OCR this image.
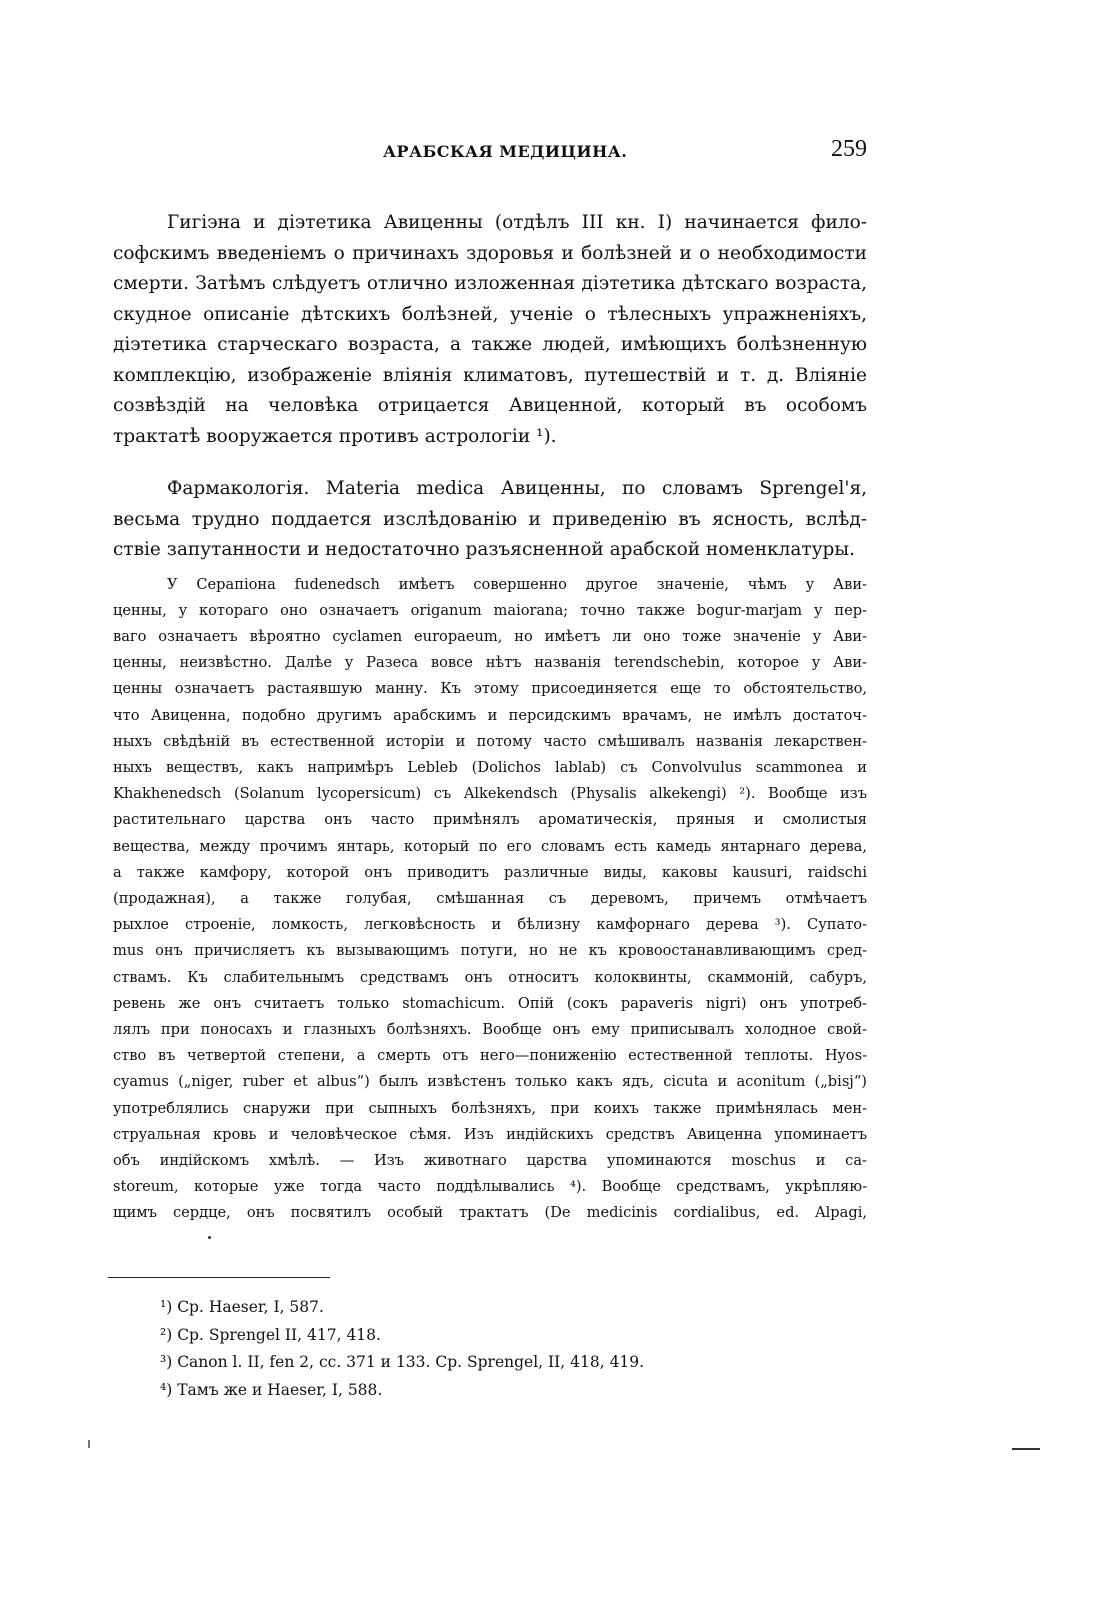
АРАБСКАЯ МЕДИЦИНА.	259

Гигіэна и діэтетика Авиценны (отдѣлъ III кн. I) начинается фило-
софскимъ введеніемъ о причинахъ здоровья и болѣзней и о необходимости
смерти. Затѣмъ слѣдуетъ отлично изложенная діэтетика дѣтскаго возраста,
скудное описаніе дѣтскихъ болѣзней, ученіе о тѣлесныхъ упражненіяхъ,
діэтетика старческаго возраста, а также людей, имѣющихъ болѣзненную
комплекцію, изображеніе вліянія климатовъ, путешествій и т. д. Вліяніе
созвѣздій на человѣка отрицается Авиценной, который въ особомъ
трактатѣ вооружается противъ астрологіи ¹).

Фармакологія. Materia medica Авиценны, по словамъ Sprengel'я,
весьма трудно поддается изслѣдованію и приведенію въ ясность, вслѣд-
ствіе запутанности и недостаточно разъясненной арабской номенклатуры.

У Серапіона fudenedsch имѣетъ совершенно другое значеніе, чѣмъ у Ави-
ценны, у котораго оно означаетъ origanum maiorana; точно также bogur-marjam у пер-
ваго означаетъ вѣроятно cyclamen europaeum, но имѣетъ ли оно тоже значеніе у Ави-
ценны, неизвѣстно. Далѣе у Разеса вовсе нѣтъ названія terendschebin, которое у Ави-
ценны означаетъ растаявшую манну. Къ этому присоединяется еще то обстоятельство,
что Авиценна, подобно другимъ арабскимъ и персидскимъ врачамъ, не имѣлъ достаточ-
ныхъ свѣдѣній въ естественной исторіи и потому часто смѣшивалъ названія лекарствен-
ныхъ веществъ, какъ напримѣръ Lebleb (Dolichos lablab) съ Convolvulus scammonea и
Khakhenedsch (Solanum lycopersicum) съ Alkekendsch (Physalis alkekengi) ²). Вообще изъ
растительнаго царства онъ часто примѣнялъ ароматическія, пряныя и смолистыя
вещества, между прочимъ янтарь, который по его словамъ есть камедь янтарнаго дерева,
а также камфору, которой онъ приводитъ различные виды, каковы kausuri, raidschi
(продажная), а также голубая, смѣшанная съ деревомъ, причемъ отмѣчаетъ
рыхлое строеніе, ломкость, легковѣсность и бѣлизну камфорнаго дерева ³). Супато-
mus онъ причисляетъ къ вызывающимъ потуги, но не къ кровоостанавливающимъ сред-
ствамъ. Къ слабительнымъ средствамъ онъ относитъ колоквинты, скаммоній, сабуръ,
ревень же онъ считаетъ только stomachicum. Опій (сокъ papaveris nigri) онъ употреб-
лялъ при поносахъ и глазныхъ болѣзняхъ. Вообще онъ ему приписывалъ холодное свой-
ство въ четвертой степени, а смерть отъ него—пониженію естественной теплоты. Hyos-
cyamus („niger, ruber et albus“) былъ извѣстенъ только какъ ядъ, cicuta и aconitum („bisj“)
употреблялись снаружи при сыпныхъ болѣзняхъ, при коихъ также примѣнялась мен-
струальная кровь и человѣческое сѣмя. Изъ индійскихъ средствъ Авиценна упоминаетъ
объ индійскомъ хмѣлѣ. — Изъ животнаго царства упоминаются moschus и са-
storeum, которые уже тогда часто поддѣлывались ⁴). Вообще средствамъ, укрѣпляю-
щимъ сердце, онъ посвятилъ особый трактатъ (De medicinis cordialibus, ed. Alpagi,

¹) Ср. Haeser, I, 587.
²) Ср. Sprengel II, 417, 418.
³) Canon l. II, fen 2, cc. 371 и 133. Ср. Sprengel, II, 418, 419.
⁴) Тамъ же и Haeser, I, 588.
